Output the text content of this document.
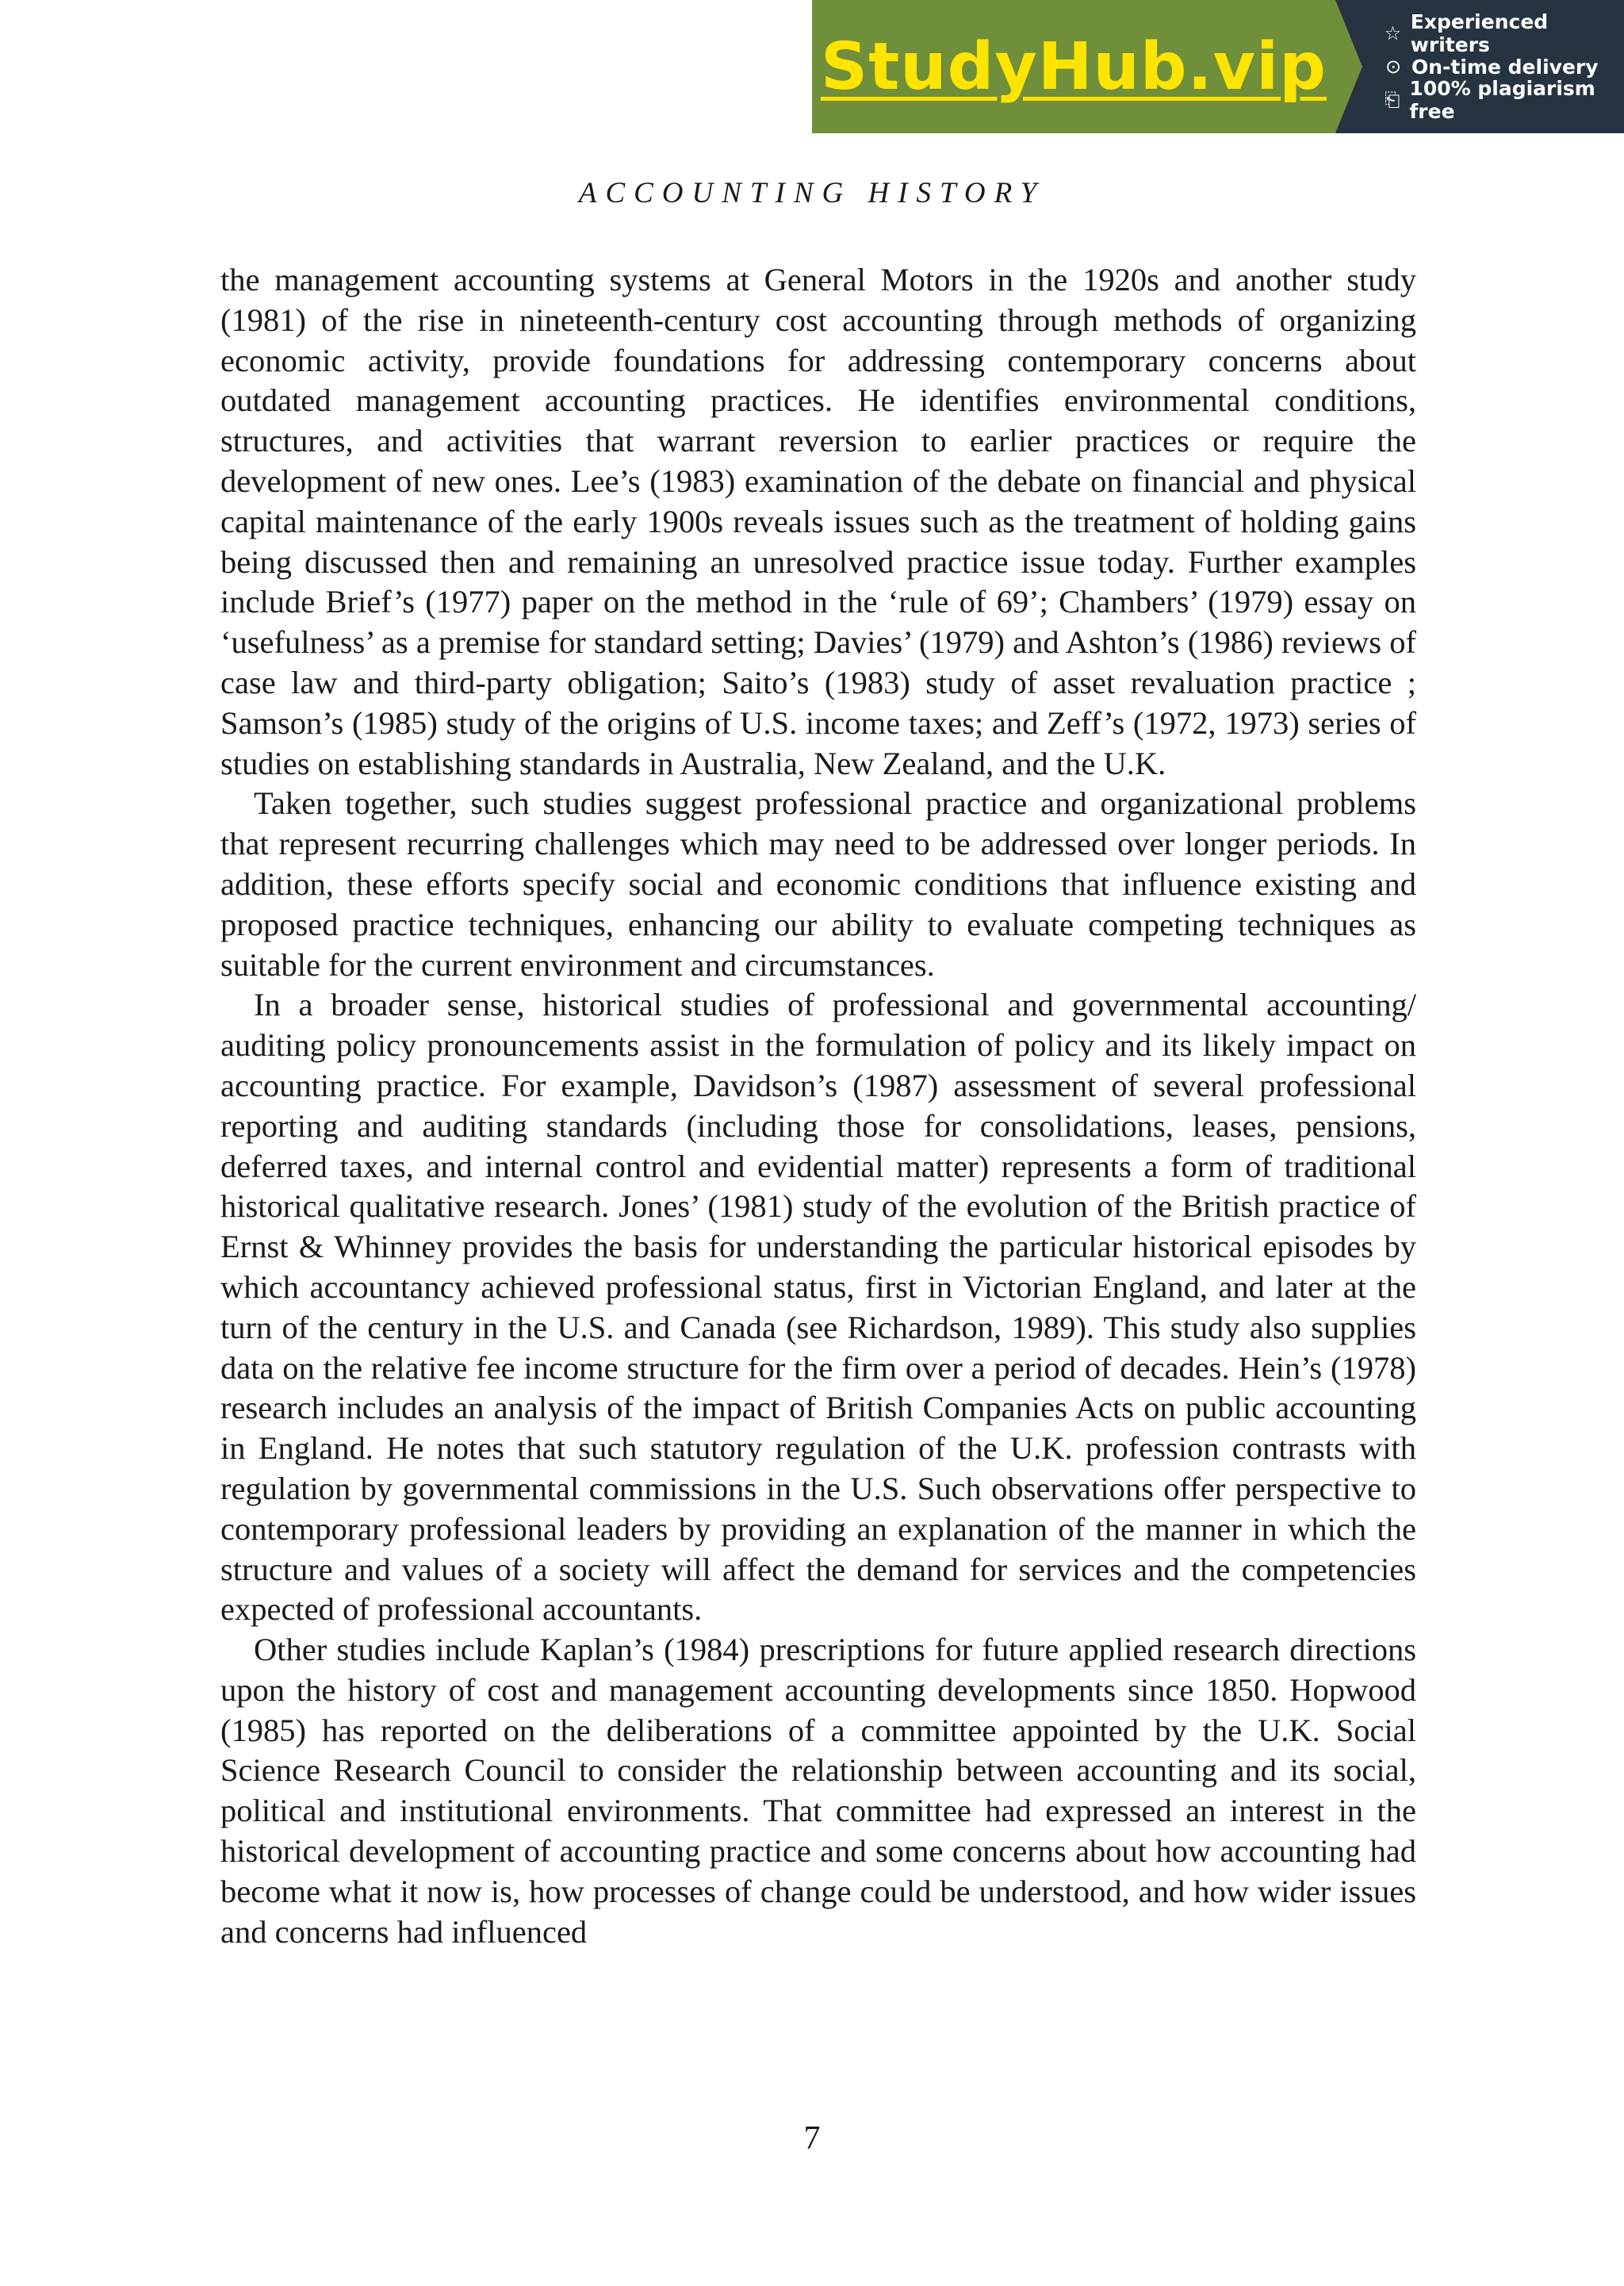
StudyHub.vip	☆ Experienced writers
⊙ On-time delivery
⎗ 100% plagiarism free
ACCOUNTING HISTORY

the management accounting systems at General Motors in the 1920s and another study (1981) of the rise in nineteenth-century cost accounting through methods of organizing economic activity, provide foundations for addressing contemporary concerns about outdated management accounting practices. He identifies environmental conditions, structures, and activities that warrant reversion to earlier practices or require the development of new ones. Lee’s (1983) examination of the debate on financial and physical capital maintenance of the early 1900s reveals issues such as the treatment of holding gains being discussed then and remaining an unresolved practice issue today. Further examples include Brief’s (1977) paper on the method in the ‘rule of 69’; Chambers’ (1979) essay on ‘usefulness’ as a premise for standard setting; Davies’ (1979) and Ashton’s (1986) reviews of case law and third-party obligation; Saito’s (1983) study of asset revaluation practice ; Samson’s (1985) study of the origins of U.S. income taxes; and Zeff’s (1972, 1973) series of studies on establishing standards in Australia, New Zealand, and the U.K.

Taken together, such studies suggest professional practice and organizational problems that represent recurring challenges which may need to be addressed over longer periods. In addition, these efforts specify social and economic conditions that influence existing and proposed practice techniques, enhancing our ability to evaluate competing techniques as suitable for the current environment and circumstances.

In a broader sense, historical studies of professional and governmental accounting/ auditing policy pronouncements assist in the formulation of policy and its likely impact on accounting practice. For example, Davidson’s (1987) assessment of several professional reporting and auditing standards (including those for consolidations, leases, pensions, deferred taxes, and internal control and evidential matter) represents a form of traditional historical qualitative research. Jones’ (1981) study of the evolution of the British practice of Ernst & Whinney provides the basis for understanding the particular historical episodes by which accountancy achieved professional status, first in Victorian England, and later at the turn of the century in the U.S. and Canada (see Richardson, 1989). This study also supplies data on the relative fee income structure for the firm over a period of decades. Hein’s (1978) research includes an analysis of the impact of British Companies Acts on public accounting in England. He notes that such statutory regulation of the U.K. profession contrasts with regulation by governmental commissions in the U.S. Such observations offer perspective to contemporary professional leaders by providing an explanation of the manner in which the structure and values of a society will affect the demand for services and the competencies expected of professional accountants.

Other studies include Kaplan’s (1984) prescriptions for future applied research directions upon the history of cost and management accounting developments since 1850. Hopwood (1985) has reported on the deliberations of a committee appointed by the U.K. Social Science Research Council to consider the relationship between accounting and its social, political and institutional environments. That committee had expressed an interest in the historical development of accounting practice and some concerns about how accounting had become what it now is, how processes of change could be understood, and how wider issues and concerns had influenced

7
